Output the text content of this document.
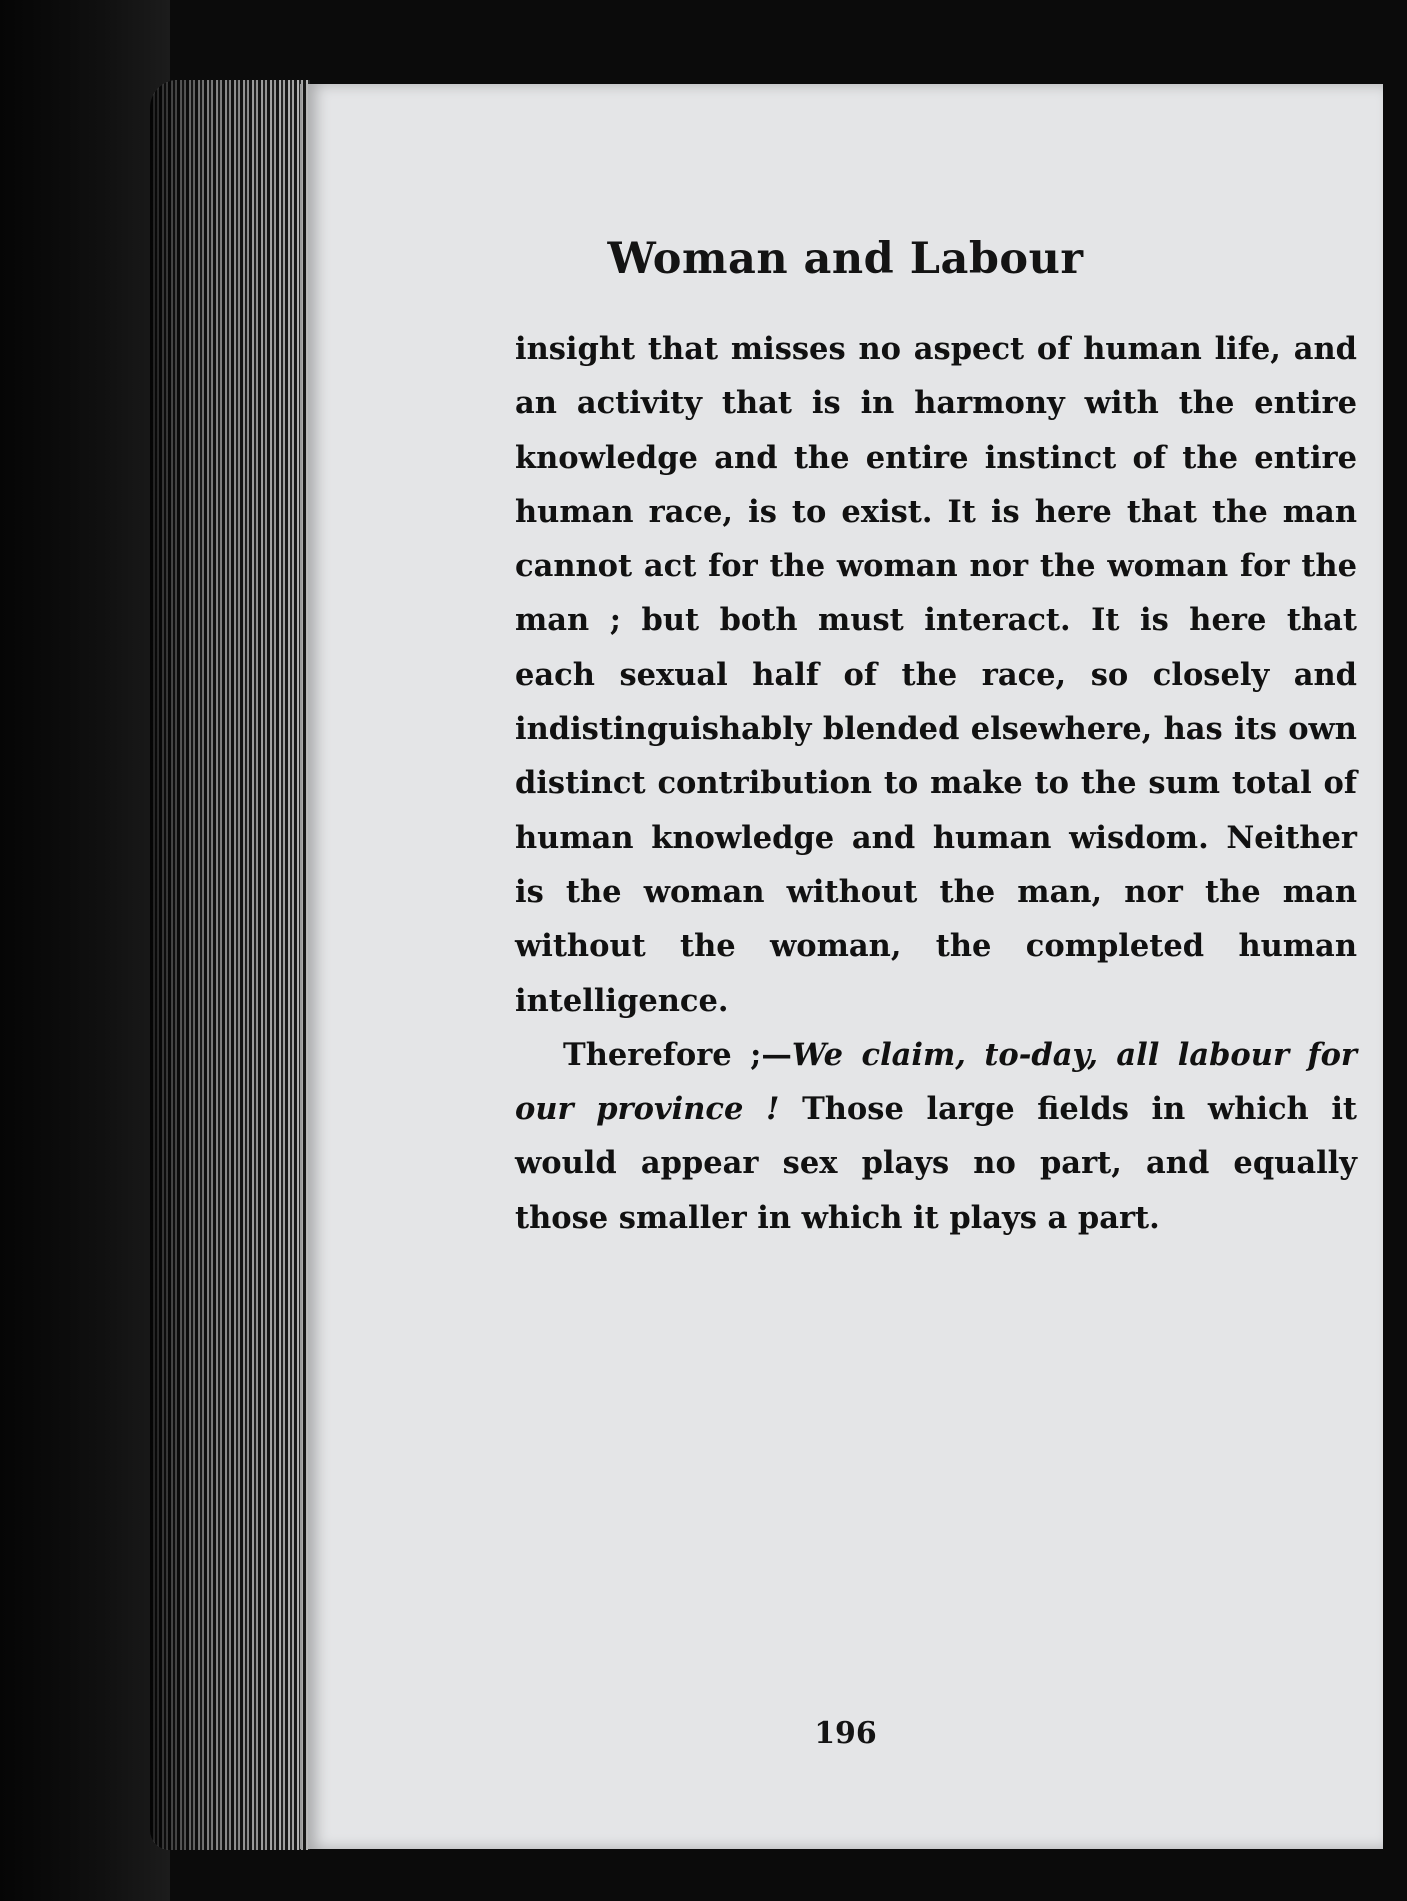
Woman and Labour

insight that misses no aspect of human life, and an activity that is in harmony with the entire knowledge and the entire instinct of the entire human race, is to exist. It is here that the man cannot act for the woman nor the woman for the man ; but both must interact. It is here that each sexual half of the race, so closely and indistinguishably blended elsewhere, has its own distinct contribution to make to the sum total of human knowledge and human wisdom. Neither is the woman without the man, nor the man without the woman, the completed human intelligence.

Therefore ;—We claim, to-day, all labour for our province ! Those large fields in which it would appear sex plays no part, and equally those smaller in which it plays a part.

196
